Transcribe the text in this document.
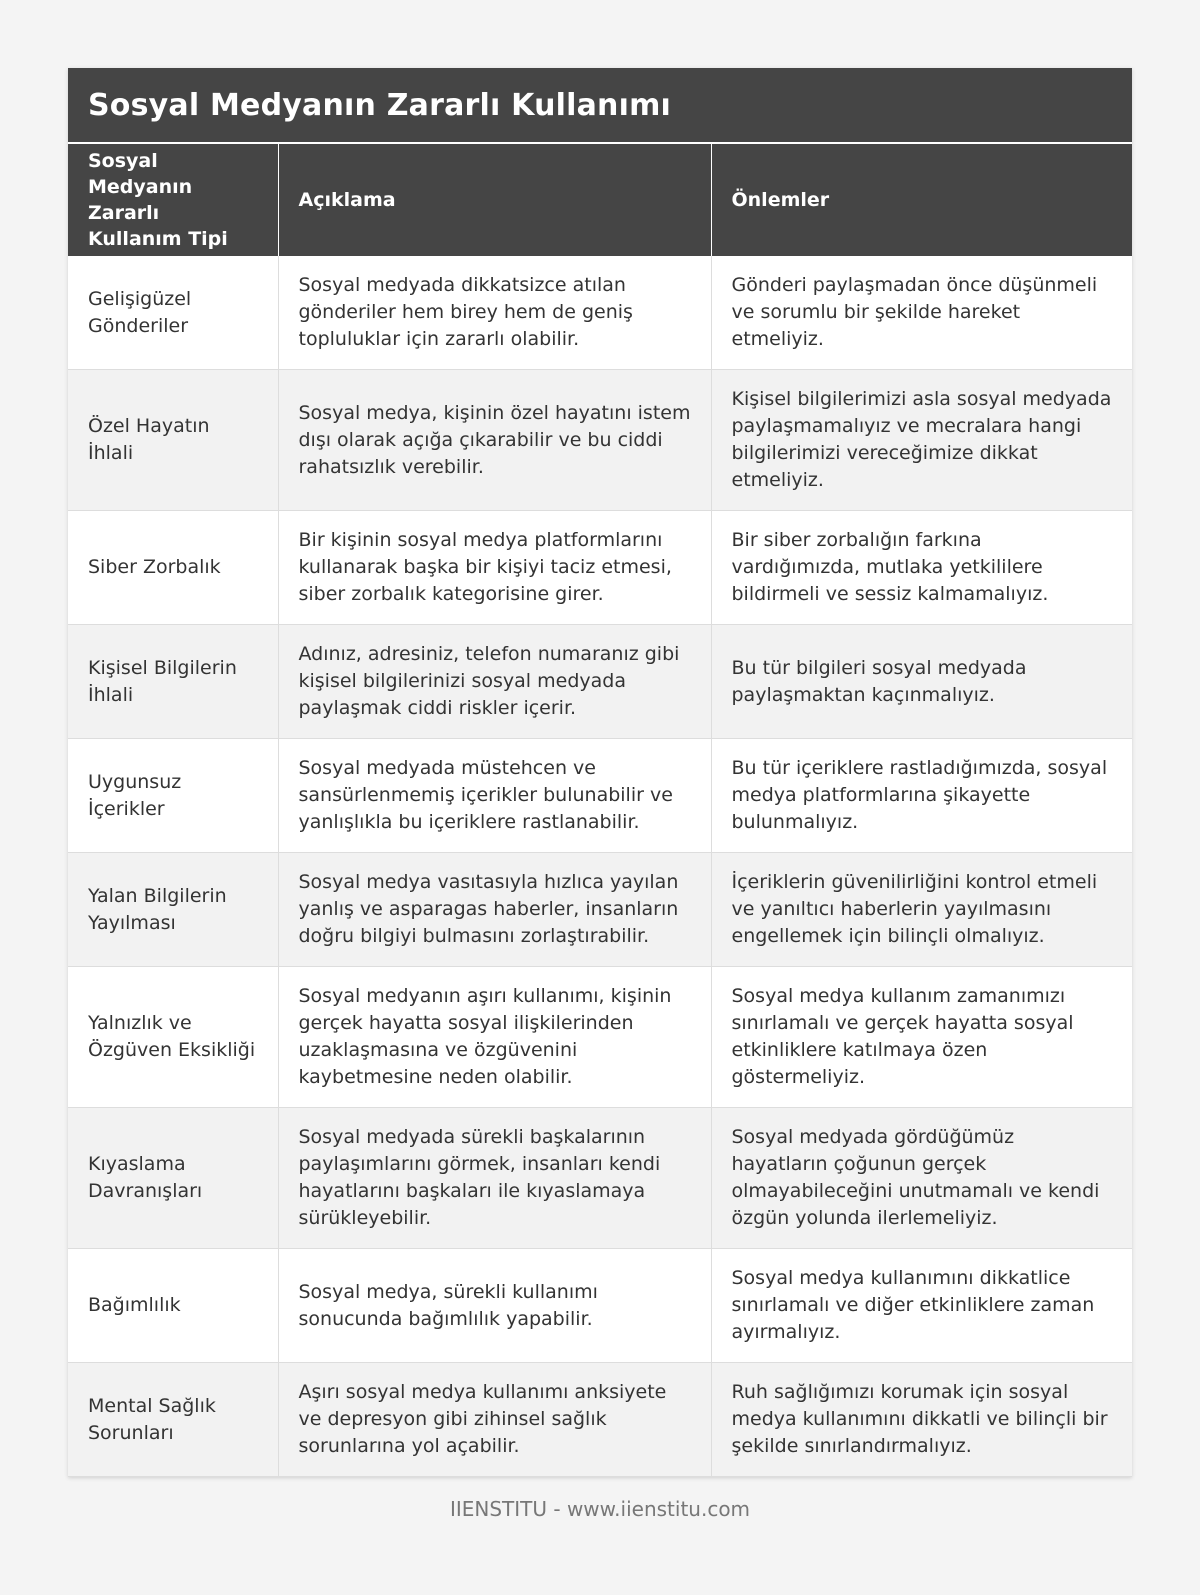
Sosyal Medyanın Zararlı Kullanımı
Sosyal Medyanın Zararlı Kullanım Tipi	Açıklama	Önlemler
Gelişigüzel Gönderiler	Sosyal medyada dikkatsizce atılan gönderiler hem birey hem de geniş topluluklar için zararlı olabilir.	Gönderi paylaşmadan önce düşünmeli ve sorumlu bir şekilde hareket etmeliyiz.
Özel Hayatın İhlali	Sosyal medya, kişinin özel hayatını istem dışı olarak açığa çıkarabilir ve bu ciddi rahatsızlık verebilir.	Kişisel bilgilerimizi asla sosyal medyada paylaşmamalıyız ve mecralara hangi bilgilerimizi vereceğimize dikkat etmeliyiz.
Siber Zorbalık	Bir kişinin sosyal medya platformlarını kullanarak başka bir kişiyi taciz etmesi, siber zorbalık kategorisine girer.	Bir siber zorbalığın farkına vardığımızda, mutlaka yetkililere bildirmeli ve sessiz kalmamalıyız.
Kişisel Bilgilerin İhlali	Adınız, adresiniz, telefon numaranız gibi kişisel bilgilerinizi sosyal medyada paylaşmak ciddi riskler içerir.	Bu tür bilgileri sosyal medyada paylaşmaktan kaçınmalıyız.
Uygunsuz İçerikler	Sosyal medyada müstehcen ve sansürlenmemiş içerikler bulunabilir ve yanlışlıkla bu içeriklere rastlanabilir.	Bu tür içeriklere rastladığımızda, sosyal medya platformlarına şikayette bulunmalıyız.
Yalan Bilgilerin Yayılması	Sosyal medya vasıtasıyla hızlıca yayılan yanlış ve asparagas haberler, insanların doğru bilgiyi bulmasını zorlaştırabilir.	İçeriklerin güvenilirliğini kontrol etmeli ve yanıltıcı haberlerin yayılmasını engellemek için bilinçli olmalıyız.
Yalnızlık ve Özgüven Eksikliği	Sosyal medyanın aşırı kullanımı, kişinin gerçek hayatta sosyal ilişkilerinden uzaklaşmasına ve özgüvenini kaybetmesine neden olabilir.	Sosyal medya kullanım zamanımızı sınırlamalı ve gerçek hayatta sosyal etkinliklere katılmaya özen göstermeliyiz.
Kıyaslama Davranışları	Sosyal medyada sürekli başkalarının paylaşımlarını görmek, insanları kendi hayatlarını başkaları ile kıyaslamaya sürükleyebilir.	Sosyal medyada gördüğümüz hayatların çoğunun gerçek olmayabileceğini unutmamalı ve kendi özgün yolunda ilerlemeliyiz.
Bağımlılık	Sosyal medya, sürekli kullanımı sonucunda bağımlılık yapabilir.	Sosyal medya kullanımını dikkatlice sınırlamalı ve diğer etkinliklere zaman ayırmalıyız.
Mental Sağlık Sorunları	Aşırı sosyal medya kullanımı anksiyete ve depresyon gibi zihinsel sağlık sorunlarına yol açabilir.	Ruh sağlığımızı korumak için sosyal medya kullanımını dikkatli ve bilinçli bir şekilde sınırlandırmalıyız.
IIENSTITU - www.iienstitu.com
